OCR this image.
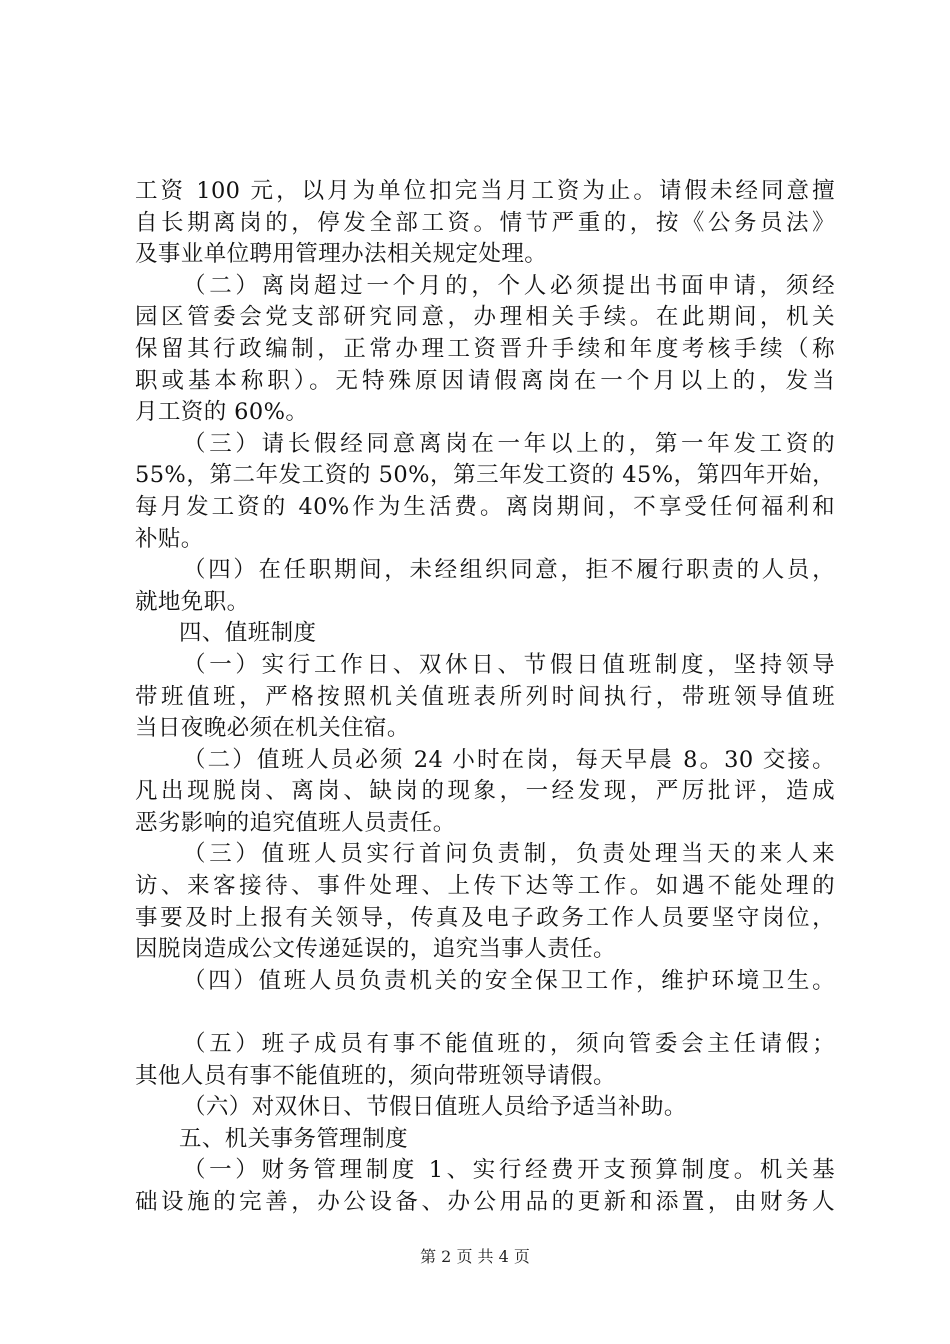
工资 100 元，以月为单位扣完当月工资为止。请假未经同意擅
自长期离岗的，停发全部工资。情节严重的，按《公务员法》
及事业单位聘用管理办法相关规定处理。
（二）离岗超过一个月的，个人必须提出书面申请，须经
园区管委会党支部研究同意，办理相关手续。在此期间，机关
保留其行政编制，正常办理工资晋升手续和年度考核手续（称
职或基本称职）。无特殊原因请假离岗在一个月以上的，发当
月工资的 60%。
（三）请长假经同意离岗在一年以上的，第一年发工资的
55%，第二年发工资的 50%，第三年发工资的 45%，第四年开始，
每月发工资的 40%作为生活费。离岗期间，不享受任何福利和
补贴。
（四）在任职期间，未经组织同意，拒不履行职责的人员，
就地免职。
四、值班制度
（一）实行工作日、双休日、节假日值班制度，坚持领导
带班值班，严格按照机关值班表所列时间执行，带班领导值班
当日夜晚必须在机关住宿。
（二）值班人员必须 24 小时在岗，每天早晨 8。30 交接。
凡出现脱岗、离岗、缺岗的现象，一经发现，严厉批评，造成
恶劣影响的追究值班人员责任。
（三）值班人员实行首问负责制，负责处理当天的来人来
访、来客接待、事件处理、上传下达等工作。如遇不能处理的
事要及时上报有关领导，传真及电子政务工作人员要坚守岗位，
因脱岗造成公文传递延误的，追究当事人责任。
（四）值班人员负责机关的安全保卫工作，维护环境卫生。
（五）班子成员有事不能值班的，须向管委会主任请假；
其他人员有事不能值班的，须向带班领导请假。
（六）对双休日、节假日值班人员给予适当补助。
五、机关事务管理制度
（一）财务管理制度 1、实行经费开支预算制度。机关基
础设施的完善，办公设备、办公用品的更新和添置，由财务人
第 2 页 共 4 页
